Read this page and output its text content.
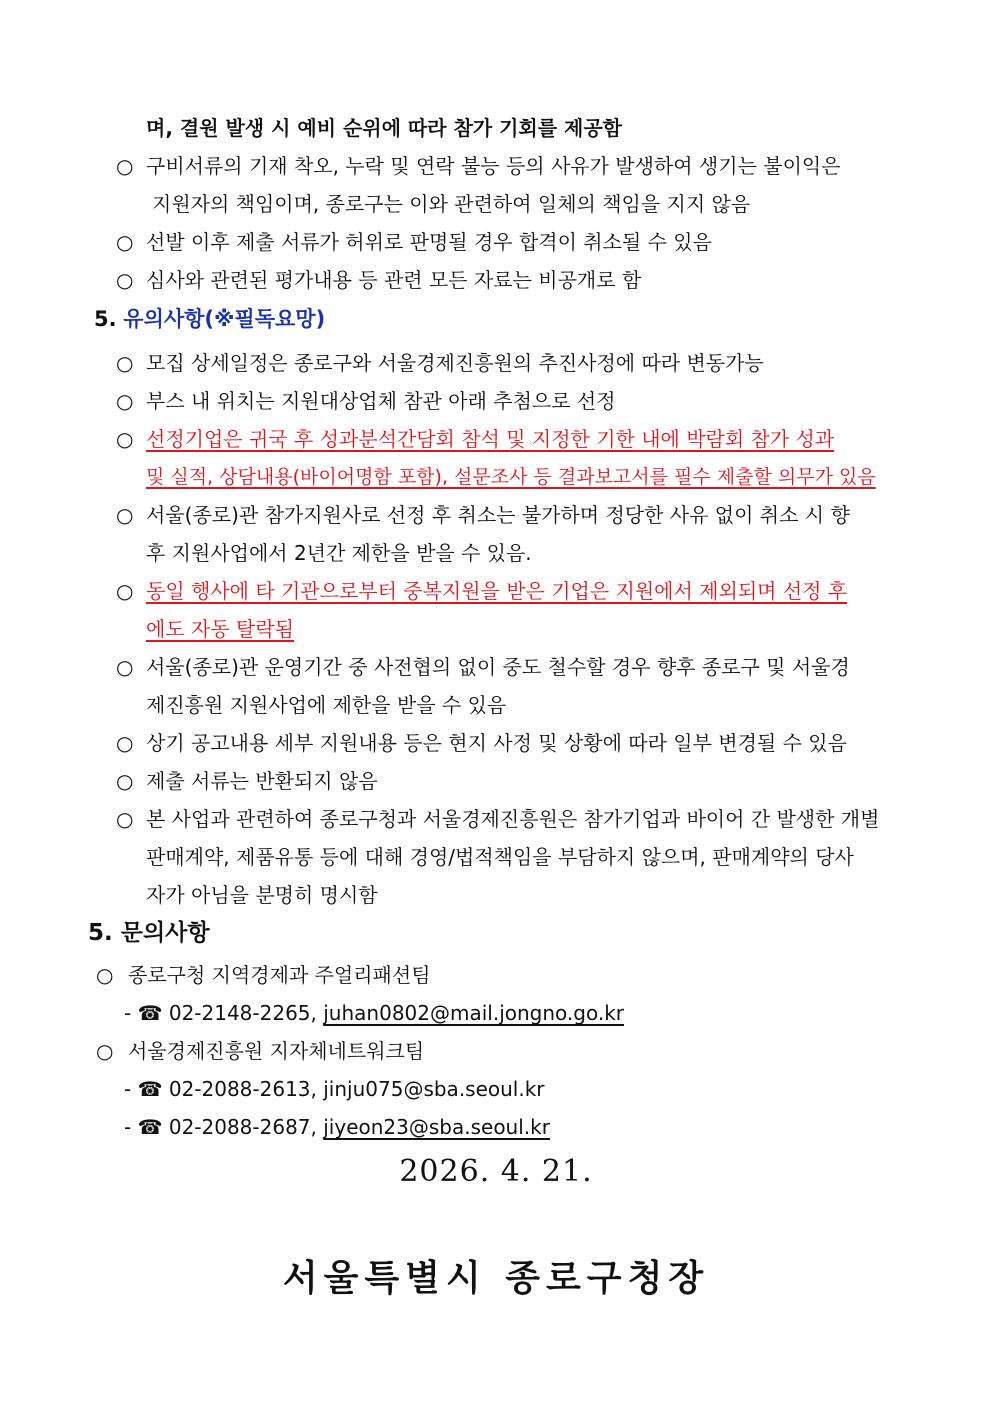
며, 결원 발생 시 예비 순위에 따라 참가 기회를 제공함
○ 구비서류의 기재 착오, 누락 및 연락 불능 등의 사유가 발생하여 생기는 불이익은
지원자의 책임이며, 종로구는 이와 관련하여 일체의 책임을 지지 않음
○ 선발 이후 제출 서류가 허위로 판명될 경우 합격이 취소될 수 있음
○ 심사와 관련된 평가내용 등 관련 모든 자료는 비공개로 함
5. 유의사항(※필독요망)
○ 모집 상세일정은 종로구와 서울경제진흥원의 추진사정에 따라 변동가능
○ 부스 내 위치는 지원대상업체 참관 아래 추첨으로 선정
○ 선정기업은 귀국 후 성과분석간담회 참석 및 지정한 기한 내에 박람회 참가 성과
및 실적, 상담내용(바이어명함 포함), 설문조사 등 결과보고서를 필수 제출할 의무가 있음
○ 서울(종로)관 참가지원사로 선정 후 취소는 불가하며 정당한 사유 없이 취소 시 향
후 지원사업에서 2년간 제한을 받을 수 있음.
○ 동일 행사에 타 기관으로부터 중복지원을 받은 기업은 지원에서 제외되며 선정 후
에도 자동 탈락됨
○ 서울(종로)관 운영기간 중 사전협의 없이 중도 철수할 경우 향후 종로구 및 서울경
제진흥원 지원사업에 제한을 받을 수 있음
○ 상기 공고내용 세부 지원내용 등은 현지 사정 및 상황에 따라 일부 변경될 수 있음
○ 제출 서류는 반환되지 않음
○ 본 사업과 관련하여 종로구청과 서울경제진흥원은 참가기업과 바이어 간 발생한 개별
판매계약, 제품유통 등에 대해 경영/법적책임을 부담하지 않으며, 판매계약의 당사
자가 아님을 분명히 명시함
5. 문의사항
○ 종로구청 지역경제과 주얼리패션팀
- ☎ 02-2148-2265, juhan0802@mail.jongno.go.kr
○ 서울경제진흥원 지자체네트워크팀
- ☎ 02-2088-2613, jinju075@sba.seoul.kr
- ☎ 02-2088-2687, jiyeon23@sba.seoul.kr
2026. 4. 21.
서울특별시 종로구청장
